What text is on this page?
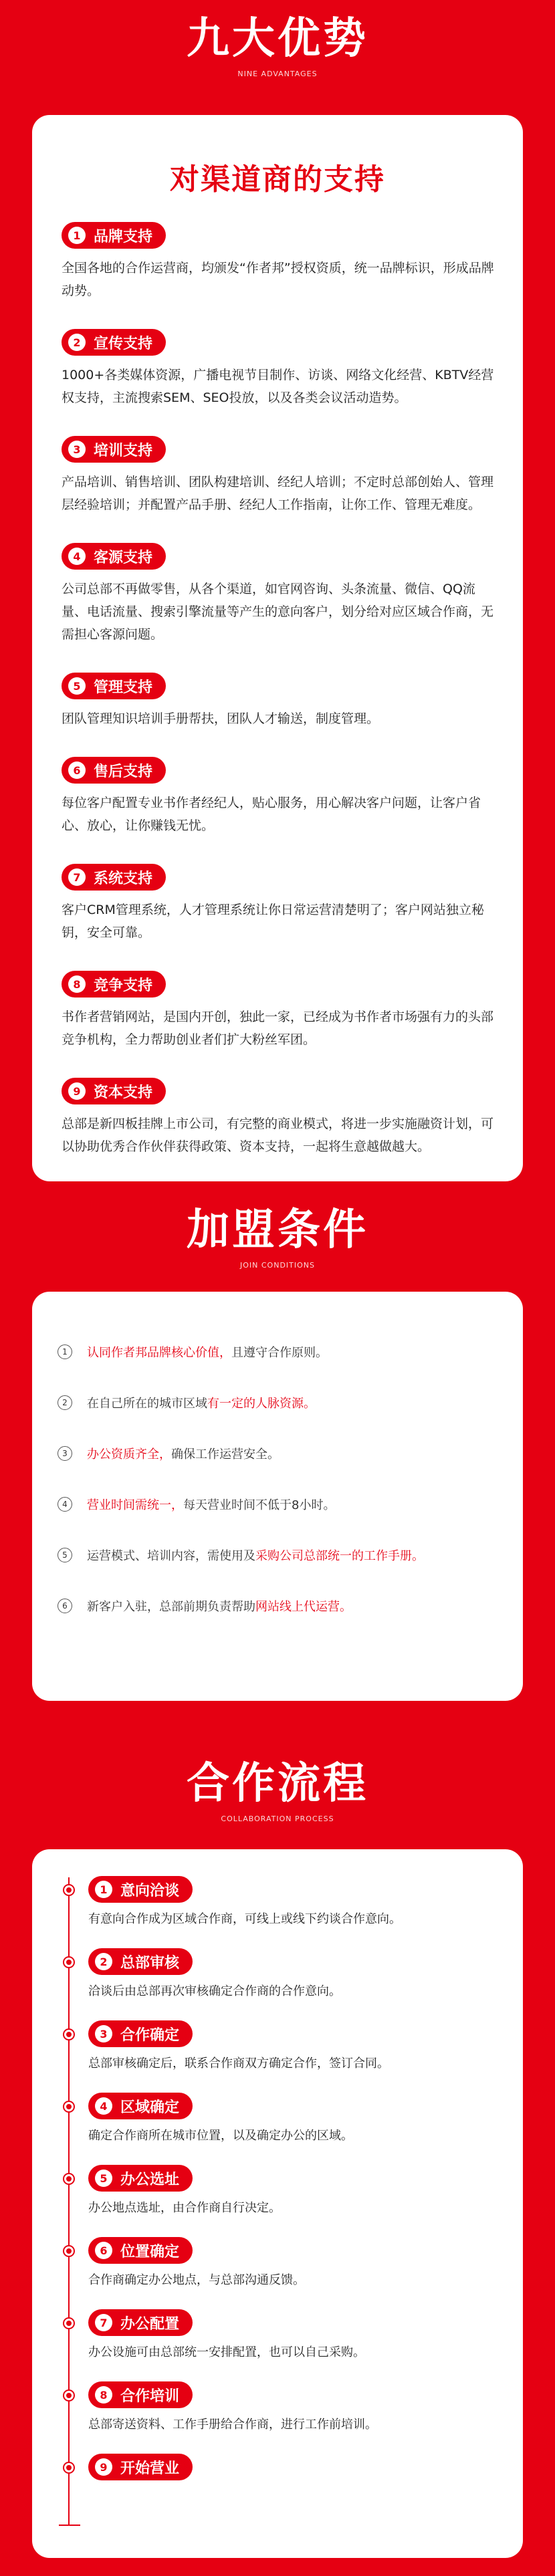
九大优势
NINE ADVANTAGES
对渠道商的支持
1 品牌支持
全国各地的合作运营商，均颁发“作者邦”授权资质，统一品牌标识，形成品牌动势。
2 宣传支持
1000+各类媒体资源，广播电视节目制作、访谈、网络文化经营、KBTV经营权支持，主流搜索SEM、SEO投放，以及各类会议活动造势。
3 培训支持
产品培训、销售培训、团队构建培训、经纪人培训；不定时总部创始人、管理层经验培训；并配置产品手册、经纪人工作指南，让你工作、管理无难度。
4 客源支持
公司总部不再做零售，从各个渠道，如官网咨询、头条流量、微信、QQ流量、电话流量、搜索引擎流量等产生的意向客户，划分给对应区域合作商，无需担心客源问题。
5 管理支持
团队管理知识培训手册帮扶，团队人才输送，制度管理。
6 售后支持
每位客户配置专业书作者经纪人，贴心服务，用心解决客户问题，让客户省心、放心，让你赚钱无忧。
7 系统支持
客户CRM管理系统，人才管理系统让你日常运营清楚明了；客户网站独立秘钥，安全可靠。
8 竞争支持
书作者营销网站，是国内开创，独此一家，已经成为书作者市场强有力的头部竞争机构，全力帮助创业者们扩大粉丝军团。
9 资本支持
总部是新四板挂牌上市公司，有完整的商业模式，将进一步实施融资计划，可以协助优秀合作伙伴获得政策、资本支持，一起将生意越做越大。
加盟条件
JOIN CONDITIONS
1	认同作者邦品牌核心价值，且遵守合作原则。
2	在自己所在的城市区域有一定的人脉资源。
3	办公资质齐全，确保工作运营安全。
4	营业时间需统一，每天营业时间不低于8小时。
5	运营模式、培训内容，需使用及采购公司总部统一的工作手册。
6	新客户入驻，总部前期负责帮助网站线上代运营。
合作流程
COLLABORATION PROCESS
1 意向洽谈
有意向合作成为区域合作商，可线上或线下约谈合作意向。
2 总部审核
洽谈后由总部再次审核确定合作商的合作意向。
3 合作确定
总部审核确定后，联系合作商双方确定合作，签订合同。
4 区域确定
确定合作商所在城市位置，以及确定办公的区域。
5 办公选址
办公地点选址，由合作商自行决定。
6 位置确定
合作商确定办公地点，与总部沟通反馈。
7 办公配置
办公设施可由总部统一安排配置，也可以自己采购。
8 合作培训
总部寄送资料、工作手册给合作商，进行工作前培训。
9 开始营业
